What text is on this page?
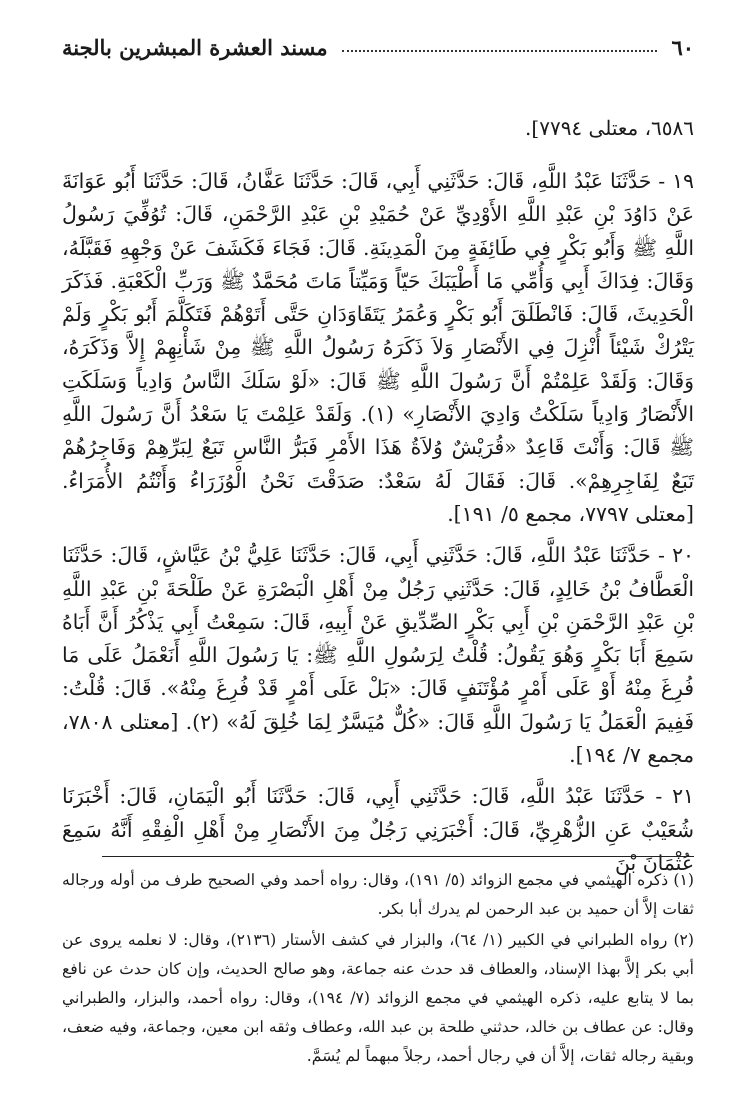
٦٠
مسند العشرة المبشرين بالجنة

٦٥٨٦، معتلى ٧٧٩٤].

١٩ - حَدَّثَنَا عَبْدُ اللَّهِ، قَالَ: حَدَّثَنِي أَبِي، قَالَ: حَدَّثَنَا عَفَّانُ، قَالَ: حَدَّثَنَا أَبُو عَوَانَةَ عَنْ دَاوُدَ بْنِ عَبْدِ اللَّهِ الأَوْدِيِّ عَنْ حُمَيْدِ بْنِ عَبْدِ الرَّحْمَنِ، قَالَ: تُوُفِّيَ رَسُولُ اللَّهِ ﷺ وَأَبُو بَكْرٍ فِي طَائِفَةٍ مِنَ الْمَدِينَةِ. قَالَ: فَجَاءَ فَكَشَفَ عَنْ وَجْهِهِ فَقَبَّلَهُ، وَقَالَ: فِدَاكَ أَبِي وَأُمِّي مَا أَطْيَبَكَ حَيّاً وَمَيِّتاً مَاتَ مُحَمَّدٌ ﷺ وَرَبِّ الْكَعْبَةِ. فَذَكَرَ الْحَدِيثَ، قَالَ: فَانْطَلَقَ أَبُو بَكْرٍ وَعُمَرُ يَتَقَاوَدَانِ حَتَّى أَتَوْهُمْ فَتَكَلَّمَ أَبُو بَكْرٍ وَلَمْ يَتْرُكْ شَيْئاً أُنْزِلَ فِي الأَنْصَارِ وَلاَ ذَكَرَهُ رَسُولُ اللَّهِ ﷺ مِنْ شَأْنِهِمْ إِلاَّ وَذَكَرَهُ، وَقَالَ: وَلَقَدْ عَلِمْتُمْ أَنَّ رَسُولَ اللَّهِ ﷺ قَالَ: «لَوْ سَلَكَ النَّاسُ وَادِياً وَسَلَكَتِ الأَنْصَارُ وَادِياً سَلَكْتُ وَادِيَ الأَنْصَارِ» (١). وَلَقَدْ عَلِمْتَ يَا سَعْدُ أَنَّ رَسُولَ اللَّهِ ﷺ قَالَ: وَأَنْتَ قَاعِدٌ «قُرَيْشٌ وُلاَةُ هَذَا الأَمْرِ فَبَرُّ النَّاسِ تَبَعٌ لِبَرِّهِمْ وَفَاجِرُهُمْ تَبَعٌ لِفَاجِرِهِمْ». قَالَ: فَقَالَ لَهُ سَعْدٌ: صَدَقْتَ نَحْنُ الْوُزَرَاءُ وَأَنْتُمُ الأُمَرَاءُ. [معتلى ٧٧٩٧، مجمع ٥/ ١٩١].

٢٠ - حَدَّثَنَا عَبْدُ اللَّهِ، قَالَ: حَدَّثَنِي أَبِي، قَالَ: حَدَّثَنَا عَلِيُّ بْنُ عَيَّاشٍ، قَالَ: حَدَّثَنَا الْعَطَّافُ بْنُ خَالِدٍ، قَالَ: حَدَّثَنِي رَجُلٌ مِنْ أَهْلِ الْبَصْرَةِ عَنْ طَلْحَةَ بْنِ عَبْدِ اللَّهِ بْنِ عَبْدِ الرَّحْمَنِ بْنِ أَبِي بَكْرٍ الصِّدِّيقِ عَنْ أَبِيهِ، قَالَ: سَمِعْتُ أَبِي يَذْكُرُ أَنَّ أَبَاهُ سَمِعَ أَبَا بَكْرٍ وَهُوَ يَقُولُ: قُلْتُ لِرَسُولِ اللَّهِ ﷺ: يَا رَسُولَ اللَّهِ أَنَعْمَلُ عَلَى مَا فُرِغَ مِنْهُ أَوْ عَلَى أَمْرٍ مُؤْتَنَفٍ قَالَ: «بَلْ عَلَى أَمْرٍ قَدْ فُرِغَ مِنْهُ». قَالَ: قُلْتُ: فَفِيمَ الْعَمَلُ يَا رَسُولَ اللَّهِ قَالَ: «كُلٌّ مُيَسَّرٌ لِمَا خُلِقَ لَهُ» (٢). [معتلى ٧٨٠٨، مجمع ٧/ ١٩٤].

٢١ - حَدَّثَنَا عَبْدُ اللَّهِ، قَالَ: حَدَّثَنِي أَبِي، قَالَ: حَدَّثَنَا أَبُو الْيَمَانِ، قَالَ: أَخْبَرَنَا شُعَيْبٌ عَنِ الزُّهْرِيِّ، قَالَ: أَخْبَرَنِي رَجُلٌ مِنَ الأَنْصَارِ مِنْ أَهْلِ الْفِقْهِ أَنَّهُ سَمِعَ عُثْمَانَ بْنَ

(١) ذكره الهيثمي في مجمع الزوائد (٥/ ١٩١)، وقال: رواه أحمد وفي الصحيح طرف من أوله ورجاله ثقات إلاَّ أن حميد بن عبد الرحمن لم يدرك أبا بكر.

(٢) رواه الطبراني في الكبير (١/ ٦٤)، والبزار في كشف الأستار (٢١٣٦)، وقال: لا نعلمه يروى عن أبي بكر إلاَّ بهذا الإسناد، والعطاف قد حدث عنه جماعة، وهو صالح الحديث، وإن كان حدث عن نافع بما لا يتابع عليه، ذكره الهيثمي في مجمع الزوائد (٧/ ١٩٤)، وقال: رواه أحمد، والبزار، والطبراني وقال: عن عطاف بن خالد، حدثني طلحة بن عبد الله، وعطاف وثقه ابن معين، وجماعة، وفيه ضعف، وبقية رجاله ثقات، إلاَّ أن في رجال أحمد، رجلاً مبهماً لم يُسَمَّ.
